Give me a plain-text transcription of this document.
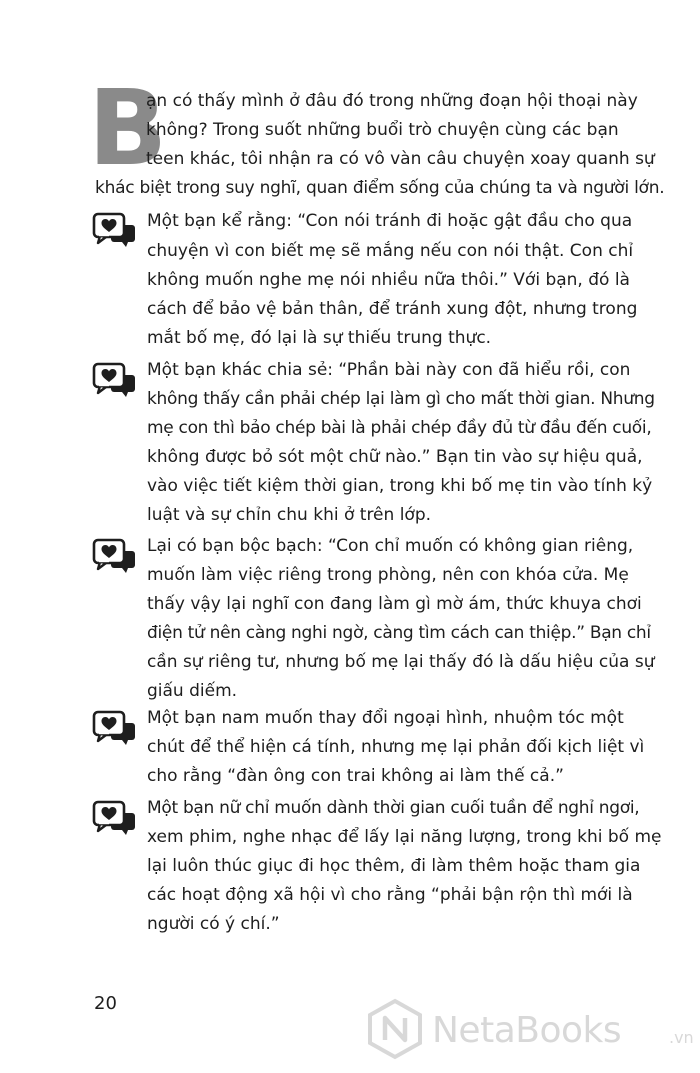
B
ạn có thấy mình ở đâu đó trong những đoạn hội thoại này
không? Trong suốt những buổi trò chuyện cùng các bạn
teen khác, tôi nhận ra có vô vàn câu chuyện xoay quanh sự
khác biệt trong suy nghĩ, quan điểm sống của chúng ta và người lớn.
Một bạn kể rằng: “Con nói tránh đi hoặc gật đầu cho qua
chuyện vì con biết mẹ sẽ mắng nếu con nói thật. Con chỉ
không muốn nghe mẹ nói nhiều nữa thôi.” Với bạn, đó là
cách để bảo vệ bản thân, để tránh xung đột, nhưng trong
mắt bố mẹ, đó lại là sự thiếu trung thực.
Một bạn khác chia sẻ: “Phần bài này con đã hiểu rồi, con
không thấy cần phải chép lại làm gì cho mất thời gian. Nhưng
mẹ con thì bảo chép bài là phải chép đầy đủ từ đầu đến cuối,
không được bỏ sót một chữ nào.” Bạn tin vào sự hiệu quả,
vào việc tiết kiệm thời gian, trong khi bố mẹ tin vào tính kỷ
luật và sự chỉn chu khi ở trên lớp.
Lại có bạn bộc bạch: “Con chỉ muốn có không gian riêng,
muốn làm việc riêng trong phòng, nên con khóa cửa. Mẹ
thấy vậy lại nghĩ con đang làm gì mờ ám, thức khuya chơi
điện tử nên càng nghi ngờ, càng tìm cách can thiệp.” Bạn chỉ
cần sự riêng tư, nhưng bố mẹ lại thấy đó là dấu hiệu của sự
giấu diếm.
Một bạn nam muốn thay đổi ngoại hình, nhuộm tóc một
chút để thể hiện cá tính, nhưng mẹ lại phản đối kịch liệt vì
cho rằng “đàn ông con trai không ai làm thế cả.”
Một bạn nữ chỉ muốn dành thời gian cuối tuần để nghỉ ngơi,
xem phim, nghe nhạc để lấy lại năng lượng, trong khi bố mẹ
lại luôn thúc giục đi học thêm, đi làm thêm hoặc tham gia
các hoạt động xã hội vì cho rằng “phải bận rộn thì mới là
người có ý chí.”
20
NetaBooks	.vn
